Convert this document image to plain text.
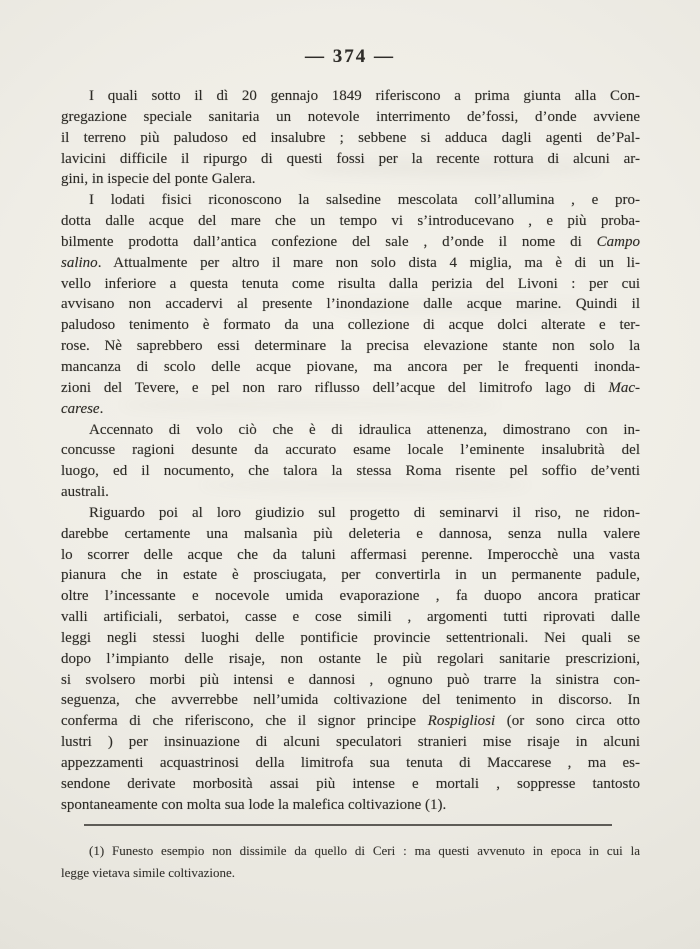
— 374 —
I quali sotto il dì 20 gennajo 1849 riferiscono a prima giunta alla Con-
gregazione speciale sanitaria un notevole interrimento de’fossi, d’onde avviene
il terreno più paludoso ed insalubre ; sebbene si adduca dagli agenti de’Pal-
lavicini difficile il ripurgo di questi fossi per la recente rottura di alcuni ar-
gini, in ispecie del ponte Galera.
I lodati fisici riconoscono la salsedine mescolata coll’allumina , e pro-
dotta dalle acque del mare che un tempo vi s’introducevano , e più proba-
bilmente prodotta dall’antica confezione del sale , d’onde il nome di Campo
salino. Attualmente per altro il mare non solo dista 4 miglia, ma è di un li-
vello inferiore a questa tenuta come risulta dalla perizia del Livoni : per cui
avvisano non accadervi al presente l’inondazione dalle acque marine. Quindi il
paludoso tenimento è formato da una collezione di acque dolci alterate e ter-
rose. Nè saprebbero essi determinare la precisa elevazione stante non solo la
mancanza di scolo delle acque piovane, ma ancora per le frequenti inonda-
zioni del Tevere, e pel non raro riflusso dell’acque del limitrofo lago di Mac-
carese.
Accennato di volo ciò che è di idraulica attenenza, dimostrano con in-
concusse ragioni desunte da accurato esame locale l’eminente insalubrità del
luogo, ed il nocumento, che talora la stessa Roma risente pel soffio de’venti
australi.
Riguardo poi al loro giudizio sul progetto di seminarvi il riso, ne ridon-
darebbe certamente una malsanìa più deleteria e dannosa, senza nulla valere
lo scorrer delle acque che da taluni affermasi perenne. Imperocchè una vasta
pianura che in estate è prosciugata, per convertirla in un permanente padule,
oltre l’incessante e nocevole umida evaporazione , fa duopo ancora praticar
valli artificiali, serbatoi, casse e cose simili , argomenti tutti riprovati dalle
leggi negli stessi luoghi delle pontificie provincie settentrionali. Nei quali se
dopo l’impianto delle risaje, non ostante le più regolari sanitarie prescrizioni,
si svolsero morbi più intensi e dannosi , ognuno può trarre la sinistra con-
seguenza, che avverrebbe nell’umida coltivazione del tenimento in discorso. In
conferma di che riferiscono, che il signor principe Rospigliosi (or sono circa otto
lustri ) per insinuazione di alcuni speculatori stranieri mise risaje in alcuni
appezzamenti acquastrinosi della limitrofa sua tenuta di Maccarese , ma es-
sendone derivate morbosità assai più intense e mortali , soppresse tantosto
spontaneamente con molta sua lode la malefica coltivazione (1).
(1) Funesto esempio non dissimile da quello di Ceri : ma questi avvenuto in epoca in cui la
legge vietava simile coltivazione.
